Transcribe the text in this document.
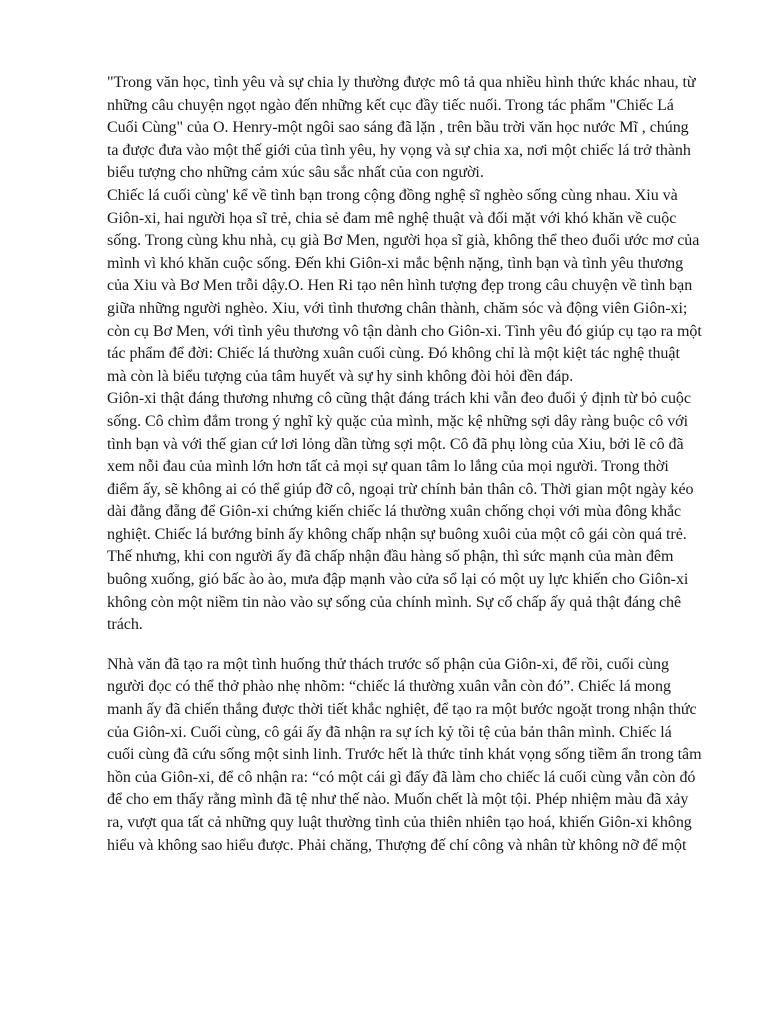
"Trong văn học, tình yêu và sự chia ly thường được mô tả qua nhiều hình thức khác nhau, từ những câu chuyện ngọt ngào đến những kết cục đầy tiếc nuối. Trong tác phẩm "Chiếc Lá Cuối Cùng" của O. Henry-một ngôi sao sáng đã lặn , trên bầu trời văn học nước Mĩ , chúng ta được đưa vào một thế giới của tình yêu, hy vọng và sự chia xa, nơi một chiếc lá trở thành biểu tượng cho những cảm xúc sâu sắc nhất của con người.

Chiếc lá cuối cùng' kể về tình bạn trong cộng đồng nghệ sĩ nghèo sống cùng nhau. Xiu và Giôn-xi, hai người họa sĩ trẻ, chia sẻ đam mê nghệ thuật và đối mặt với khó khăn về cuộc sống. Trong cùng khu nhà, cụ già Bơ Men, người họa sĩ già, không thể theo đuổi ước mơ của mình vì khó khăn cuộc sống. Đến khi Giôn-xi mắc bệnh nặng, tình bạn và tình yêu thương của Xiu và Bơ Men trỗi dậy.O. Hen Ri tạo nên hình tượng đẹp trong câu chuyện về tình bạn giữa những người nghèo. Xiu, với tình thương chân thành, chăm sóc và động viên Giôn-xi; còn cụ Bơ Men, với tình yêu thương vô tận dành cho Giôn-xi. Tình yêu đó giúp cụ tạo ra một tác phẩm để đời: Chiếc lá thường xuân cuối cùng. Đó không chỉ là một kiệt tác nghệ thuật mà còn là biểu tượng của tâm huyết và sự hy sinh không đòi hỏi đền đáp.

Giôn-xi thật đáng thương nhưng cô cũng thật đáng trách khi vẫn đeo đuổi ý định từ bỏ cuộc sống. Cô chìm đắm trong ý nghĩ kỳ quặc của mình, mặc kệ những sợi dây ràng buộc cô với tình bạn và với thế gian cứ lơi lỏng dần từng sợi một. Cô đã phụ lòng của Xiu, bởi lẽ cô đã xem nỗi đau của mình lớn hơn tất cả mọi sự quan tâm lo lắng của mọi người. Trong thời điểm ấy, sẽ không ai có thể giúp đỡ cô, ngoại trừ chính bản thân cô. Thời gian một ngày kéo dài đằng đẵng để Giôn-xi chứng kiến chiếc lá thường xuân chống chọi với mùa đông khắc nghiệt. Chiếc lá bướng bỉnh ấy không chấp nhận sự buông xuôi của một cô gái còn quá trẻ. Thế nhưng, khi con người ấy đã chấp nhận đầu hàng số phận, thì sức mạnh của màn đêm buông xuống, gió bấc ào ào, mưa đập mạnh vào cửa sổ lại có một uy lực khiến cho Giôn-xi không còn một niềm tin nào vào sự sống của chính mình. Sự cố chấp ấy quả thật đáng chê trách.

Nhà văn đã tạo ra một tình huống thử thách trước số phận của Giôn-xi, để rồi, cuối cùng người đọc có thể thở phào nhẹ nhõm: “chiếc lá thường xuân vẫn còn đó”. Chiếc lá mong manh ấy đã chiến thắng được thời tiết khắc nghiệt, để tạo ra một bước ngoặt trong nhận thức của Giôn-xi. Cuối cùng, cô gái ấy đã nhận ra sự ích kỷ tồi tệ của bản thân mình. Chiếc lá cuối cùng đã cứu sống một sinh linh. Trước hết là thức tỉnh khát vọng sống tiềm ẩn trong tâm hồn của Giôn-xi, để cô nhận ra: “có một cái gì đấy đã làm cho chiếc lá cuối cùng vẫn còn đó để cho em thấy rằng mình đã tệ như thế nào. Muốn chết là một tội. Phép nhiệm màu đã xảy ra, vượt qua tất cả những quy luật thường tình của thiên nhiên tạo hoá, khiến Giôn-xi không hiểu và không sao hiểu được. Phải chăng, Thượng đế chí công và nhân từ không nỡ để một
